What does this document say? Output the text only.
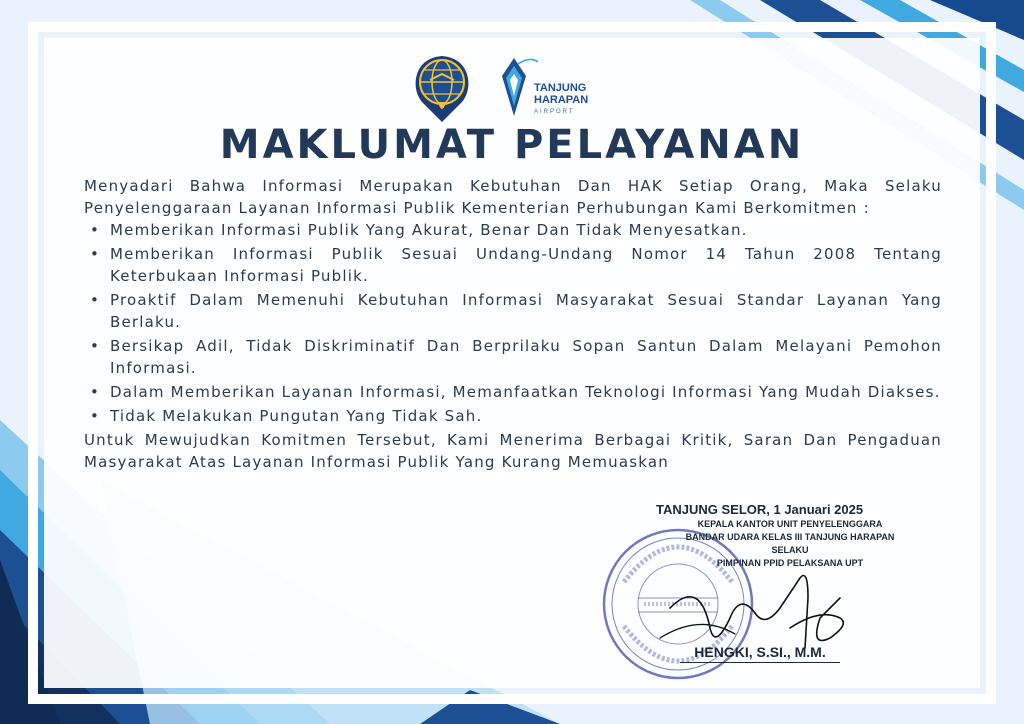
TANJUNG
HARAPAN
AIRPORT
MAKLUMAT PELAYANAN

Menyadari Bahwa Informasi Merupakan Kebutuhan Dan HAK Setiap Orang, Maka Selaku Penyelenggaraan Layanan Informasi Publik Kementerian Perhubungan Kami Berkomitmen :

• Memberikan Informasi Publik Yang Akurat, Benar Dan Tidak Menyesatkan.
• Memberikan Informasi Publik Sesuai Undang-Undang Nomor 14 Tahun 2008 Tentang Keterbukaan Informasi Publik.
• Proaktif Dalam Memenuhi Kebutuhan Informasi Masyarakat Sesuai Standar Layanan Yang Berlaku.
• Bersikap Adil, Tidak Diskriminatif Dan Berprilaku Sopan Santun Dalam Melayani Pemohon Informasi.
• Dalam Memberikan Layanan Informasi, Memanfaatkan Teknologi Informasi Yang Mudah Diakses.
• Tidak Melakukan Pungutan Yang Tidak Sah.

Untuk Mewujudkan Komitmen Tersebut, Kami Menerima Berbagai Kritik, Saran Dan Pengaduan Masyarakat Atas Layanan Informasi Publik Yang Kurang Memuaskan

TANJUNG SELOR, 1 Januari 2025
KEPALA KANTOR UNIT PENYELENGGARA
BANDAR UDARA KELAS III TANJUNG HARAPAN
SELAKU
PIMPINAN PPID PELAKSANA UPT
HENGKI, S.SI., M.M.
